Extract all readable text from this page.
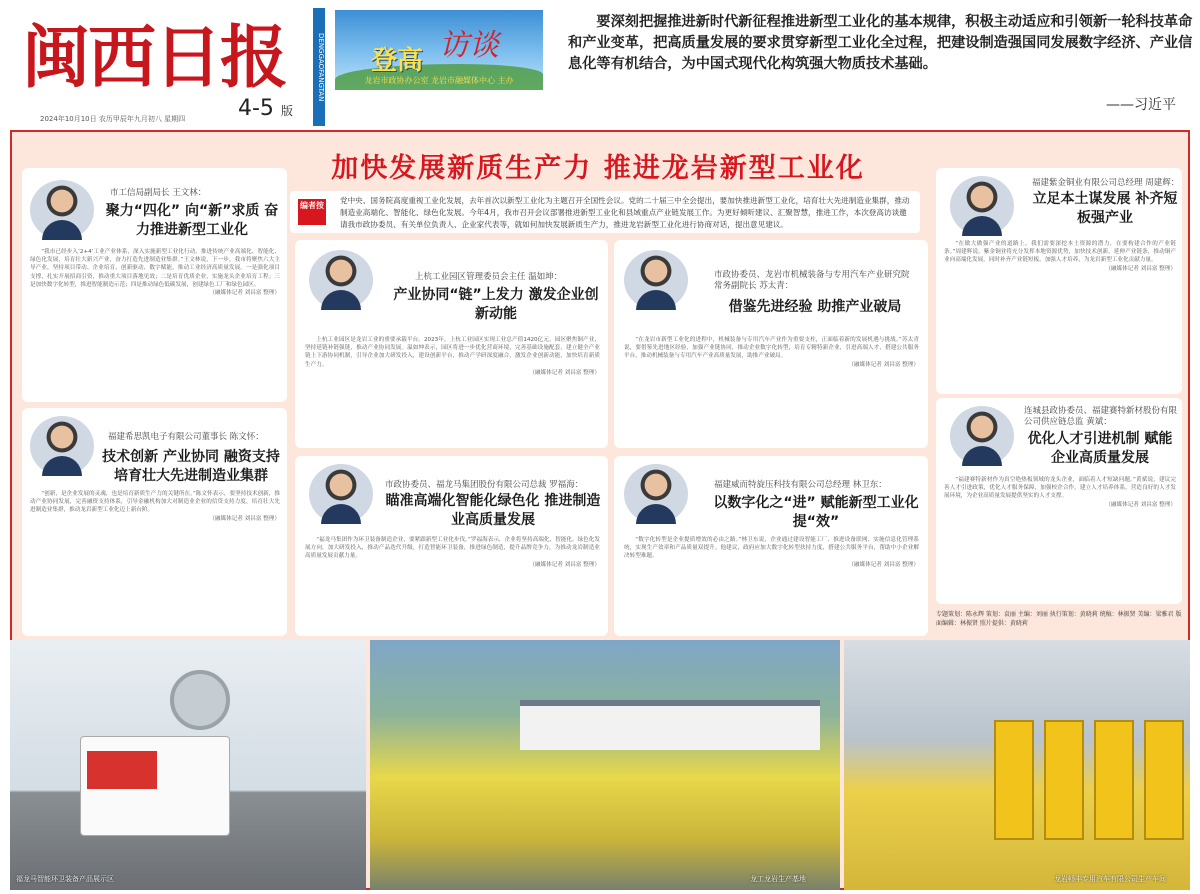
闽西日报
4-5 版
2024年10月10日 农历甲辰年九月初八 星期四
DENGGAOFANGTAN 登高 访谈
龙岩市政协办公室 龙岩市融媒体中心 主办
要深刻把握推进新时代新征程推进新型工业化的基本规律，积极主动适应和引领新一轮科技革命和产业变革，把高质量发展的要求贯穿新型工业化全过程，把建设制造强国同发展数字经济、产业信息化等有机结合，为中国式现代化构筑强大物质技术基础。
——习近平
加快发展新质生产力 推进龙岩新型工业化
编者按
党中央、国务院高度重视工业化发展，去年首次以新型工业化为主题召开全国性会议。党的二十届三中全会提出，要加快推进新型工业化，培育壮大先进制造业集群，推动制造业高端化、智能化、绿色化发展。今年4月，我市召开会议部署推进新型工业化和县域重点产业链发展工作。为更好倾听建议、汇聚智慧，推进工作，本次登高访谈邀请我市政协委员、有关单位负责人、企业家代表等，就如何加快发展新质生产力，推进龙岩新型工业化进行协商对话，提出意见建议。
市工信局副局长 王文林：
聚力“四化” 向“新”求质 奋力推进新型工业化

“我市已经步入‘2+4’工业产业体系，深入实施新型工业化行动，推进传统产业高端化、智能化、绿色化发展，培育壮大新兴产业，奋力打造先进制造业集群。”王文林说，下一步，我市将聚焦六大主导产业，坚持项目带动、企业培育、创新驱动、数字赋能，推动工业经济高质量发展。一是强化项目支撑，扎实开展招商引资，推动重大项目落地见效；二是培育优质企业，实施龙头企业培育工程；三是加快数字化转型，推进智能制造示范；四是推动绿色低碳发展，创建绿色工厂和绿色园区。

（融媒体记者 刘昌富 整理）
福建希思凯电子有限公司董事长 陈文怀：
技术创新 产业协同 融资支持 培育壮大先进制造业集群

“创新，是企业发展的灵魂，也是培育新质生产力的关键所在。”陈文怀表示，要坚持技术创新，推动产业协同发展，完善融资支持体系，引导金融机构加大对制造业企业的信贷支持力度，培育壮大先进制造业集群，推动龙岩新型工业化迈上新台阶。

（融媒体记者 刘昌富 整理）
上杭工业园区管理委员会主任 温如坤：
产业协同“链”上发力 激发企业创新动能

上杭工业园区是龙岩工业的重要承载平台。2023年，上杭工业园区实现工业总产值1420亿元。园区聚焦铜产业，坚持延链补链强链，推动产业协同发展。温如坤表示，园区将进一步优化营商环境，完善基础设施配套，建立健全产业链上下游协同机制，引导企业加大研发投入，建设创新平台，推动产学研深度融合，激发企业创新动能，加快培育新质生产力。

（融媒体记者 刘昌富 整理）
市政协委员、龙岩市机械装备与专用汽车产业研究院常务副院长 苏太青：
借鉴先进经验 助推产业破局

“在龙岩市新型工业化的进程中，机械装备与专用汽车产业作为重要支柱，正面临着新的发展机遇与挑战。”苏太青说，要借鉴先进地区经验，加强产业链协同，推动企业数字化转型，培育专精特新企业，引进高端人才，搭建公共服务平台，推动机械装备与专用汽车产业高质量发展，助推产业破局。

（融媒体记者 刘昌富 整理）
市政协委员、福龙马集团股份有限公司总裁 罗福海：
瞄准高端化智能化绿色化 推进制造业高质量发展

“福龙马集团作为环卫装备制造企业，要紧跟新型工业化步伐。”罗福海表示，企业将坚持高端化、智能化、绿色化发展方向，加大研发投入，推动产品迭代升级，打造智能环卫装备，推进绿色制造，提升品牌竞争力，为推动龙岩制造业高质量发展贡献力量。

（融媒体记者 刘昌富 整理）
福建威而特旋压科技有限公司总经理 林卫东：
以数字化之“进” 赋能新型工业化提“效”

“数字化转型是企业提质增效的必由之路。”林卫东说，企业通过建设智能工厂、推进设备联网、实施信息化管理系统，实现生产效率和产品质量双提升。他建议，政府应加大数字化转型扶持力度，搭建公共服务平台，帮助中小企业解决转型难题。

（融媒体记者 刘昌富 整理）
福建紫金铜业有限公司总经理 周建辉：
立足本土谋发展 补齐短板强产业

“在做大做强产业的道路上，我们需要深挖本土资源的潜力，在要构建合作的产业链条。”周建辉说，紫金铜业将充分发挥本地资源优势，加快技术创新，延伸产业链条，推动铜产业向高端化发展，同时补齐产业链短板，加强人才培养，为龙岩新型工业化贡献力量。

（融媒体记者 刘昌富 整理）
连城县政协委员、福建赛特新材股份有限公司供应链总监 黄斌：
优化人才引进机制 赋能企业高质量发展

“福建赛特新材作为真空绝热板领域的龙头企业，面临着人才短缺问题。”黄斌说，建议完善人才引进政策，优化人才服务保障，加强校企合作，建立人才培养体系，营造良好的人才发展环境，为企业高质量发展提供坚实的人才支撑。

（融媒体记者 刘昌富 整理）
专题策划：陈永辉 策划：袁丽 主编：刘丽 执行策划：黄晓莉 统稿：林振贤 美编：梁雅君 版面编辑：林振贤 照片提供：黄晓莉
福龙马智能环卫装备产品展示区	龙工龙岩生产基地	龙岩畅丰专用汽车有限公司生产车间
